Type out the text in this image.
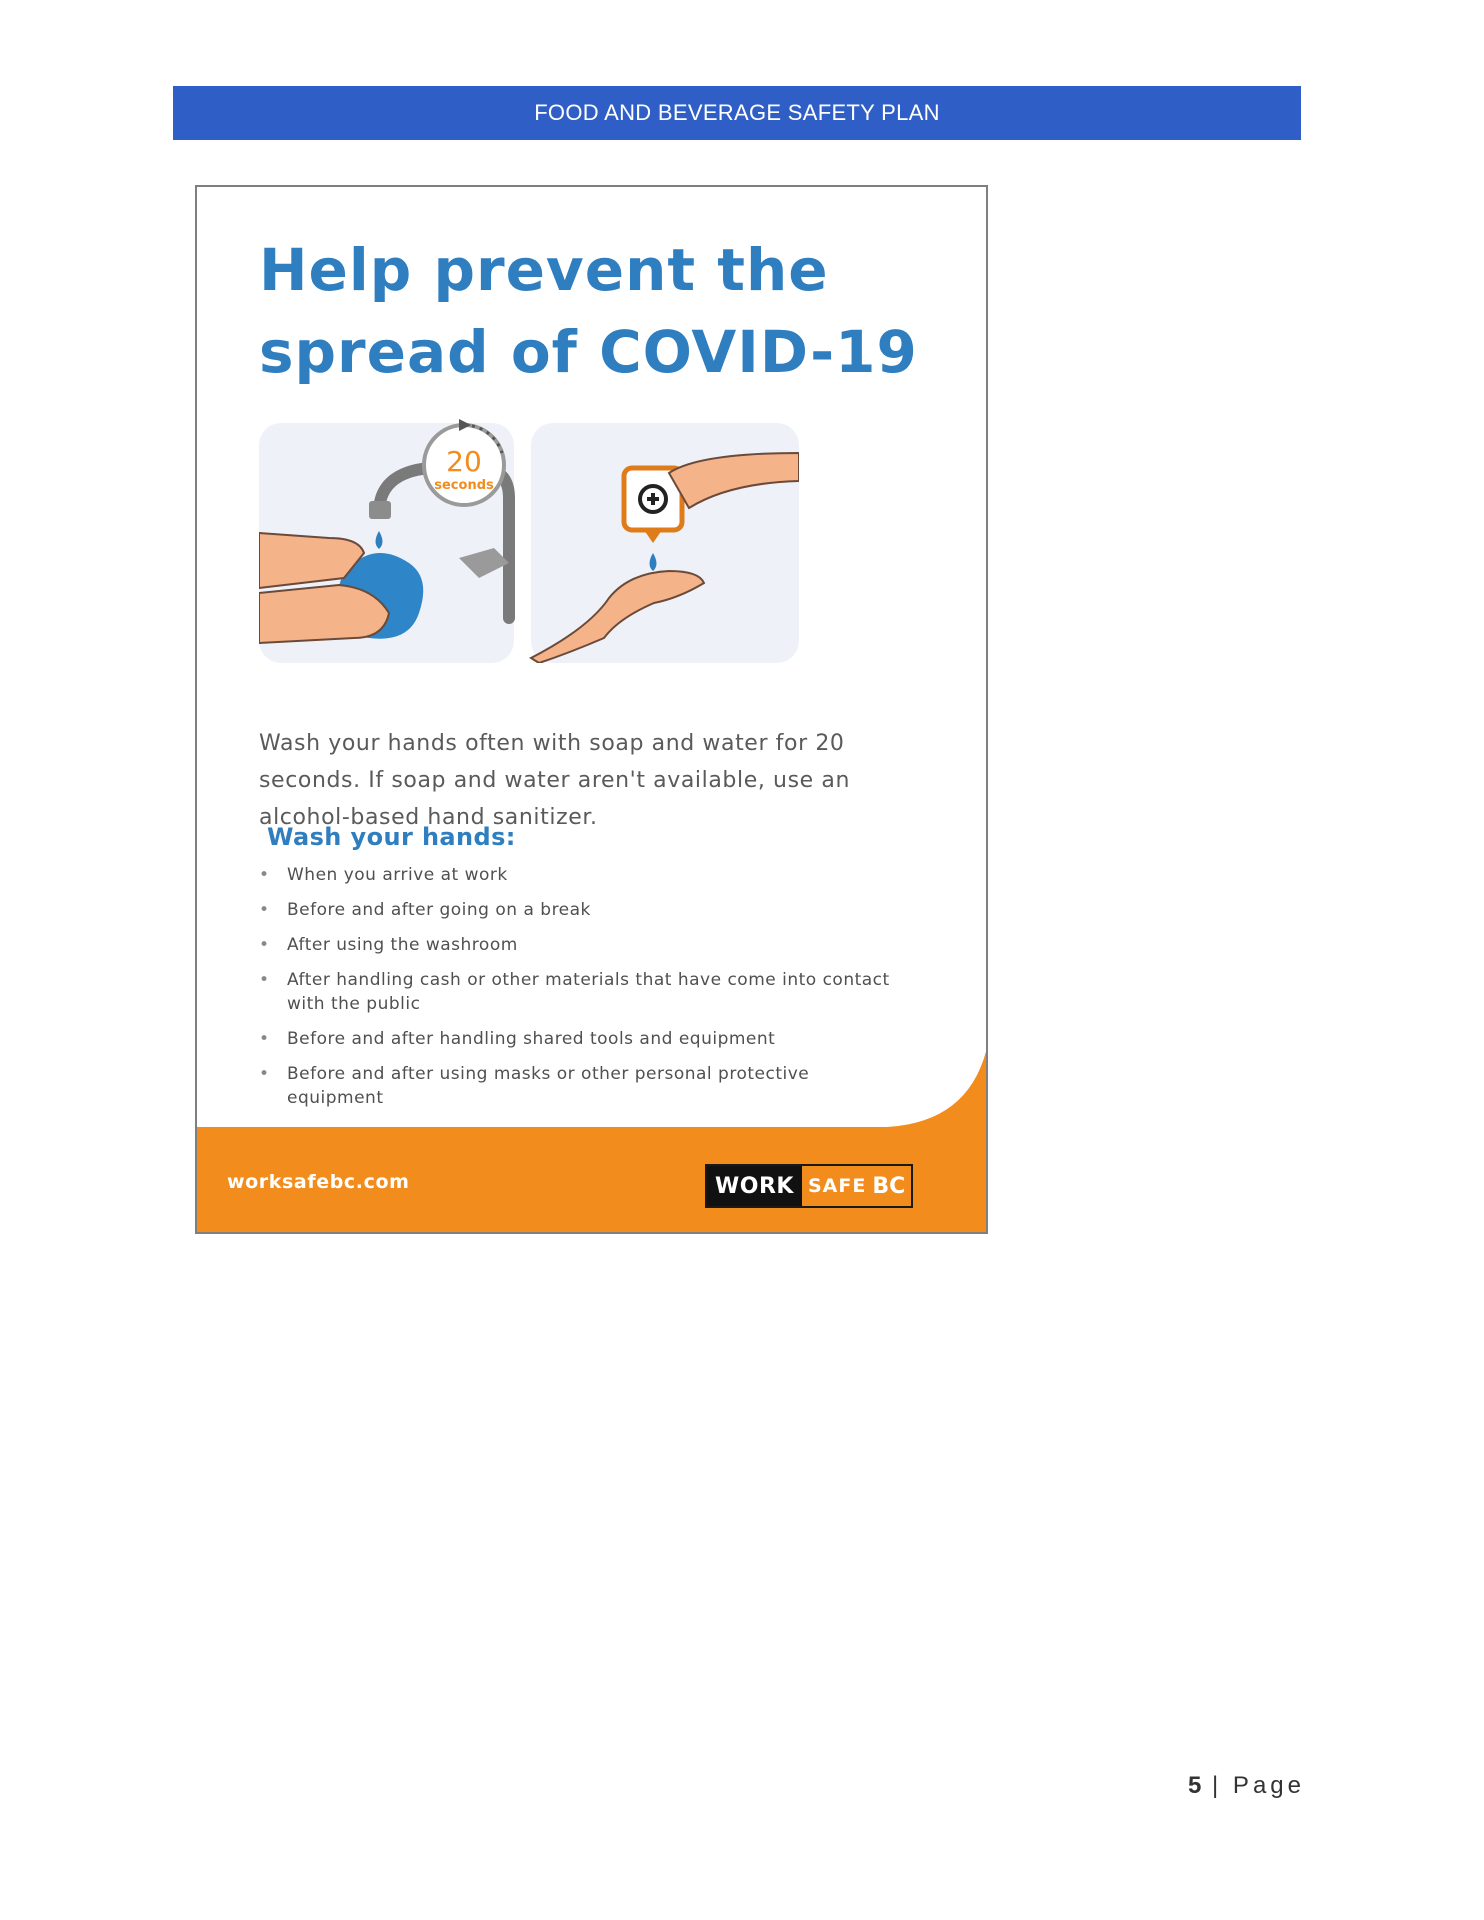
FOOD AND BEVERAGE SAFETY PLAN
Help prevent the
spread of COVID-19
20
seconds

Wash your hands often with soap and water for 20 seconds. If soap and water aren't available, use an alcohol-based hand sanitizer.

Wash your hands:
• When you arrive at work
• Before and after going on a break
• After using the washroom
• After handling cash or other materials that have come into contact with the public
• Before and after handling shared tools and equipment
• Before and after using masks or other personal protective equipment
worksafebc.com	WORK SAFE BC
5 | Page
